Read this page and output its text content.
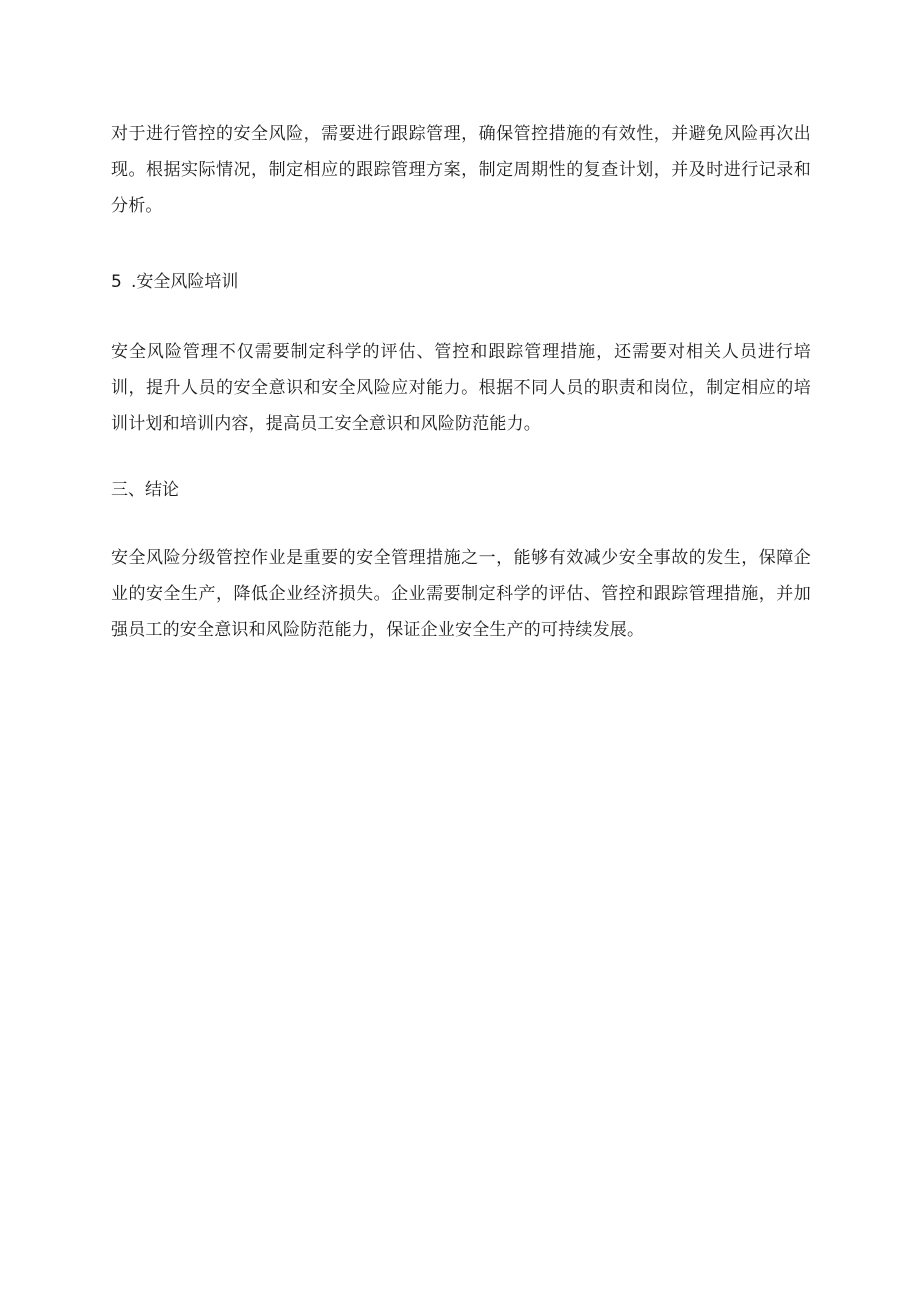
对于进行管控的安全风险，需要进行跟踪管理，确保管控措施的有效性，并避免风险再次出现。根据实际情况，制定相应的跟踪管理方案，制定周期性的复查计划，并及时进行记录和分析。

5 .安全风险培训

安全风险管理不仅需要制定科学的评估、管控和跟踪管理措施，还需要对相关人员进行培训，提升人员的安全意识和安全风险应对能力。根据不同人员的职责和岗位，制定相应的培训计划和培训内容，提高员工安全意识和风险防范能力。

三、结论

安全风险分级管控作业是重要的安全管理措施之一，能够有效减少安全事故的发生，保障企业的安全生产，降低企业经济损失。企业需要制定科学的评估、管控和跟踪管理措施，并加强员工的安全意识和风险防范能力，保证企业安全生产的可持续发展。
